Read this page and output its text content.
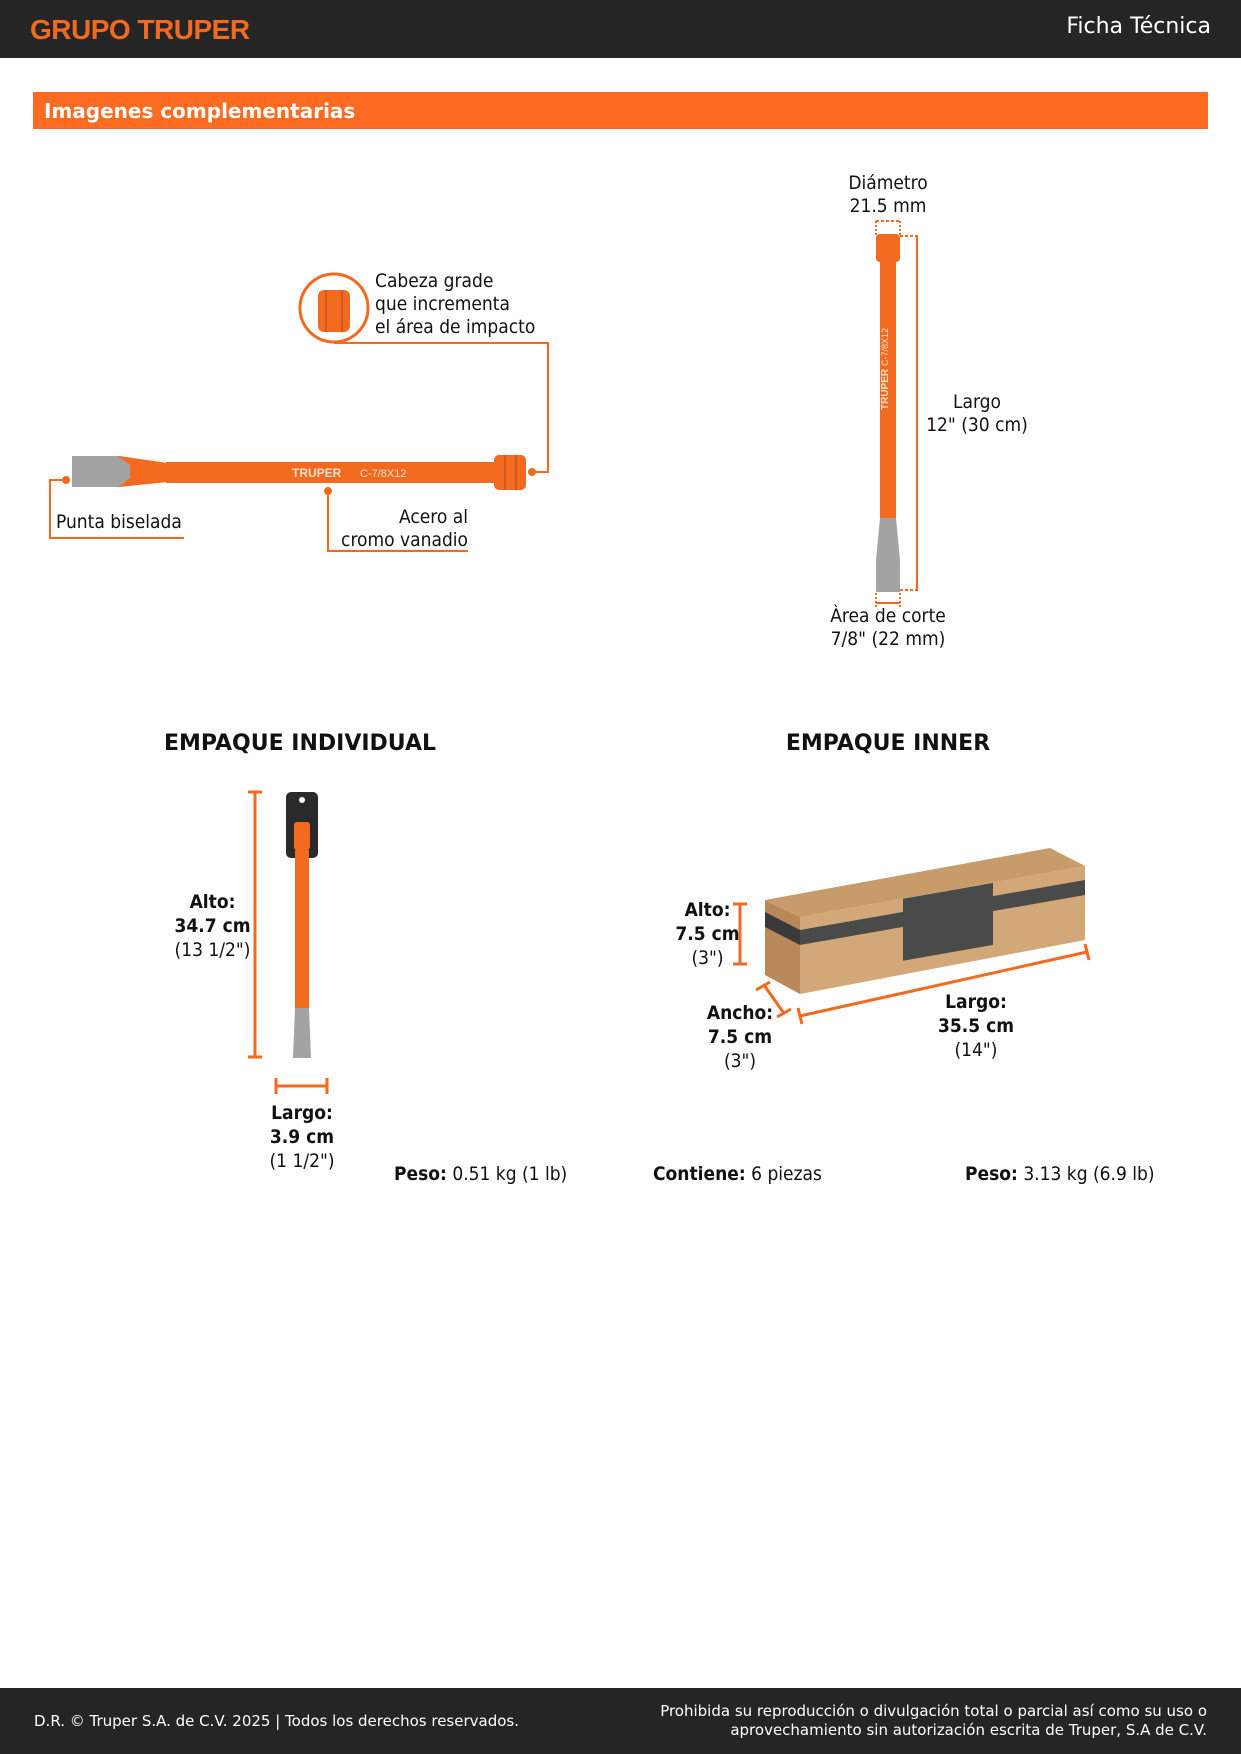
GRUPO TRUPER	Ficha Técnica
Imagenes complementarias
TRUPER C-7/8X12
TRUPER
C-7/8X12
Cabeza grade
que incrementa
el área de impacto
Punta biselada	Acero al
cromo vanadio
Diámetro
21.5 mm
Largo
12" (30 cm)
Àrea de corte
7/8" (22 mm)
EMPAQUE INDIVIDUAL
Alto:
34.7 cm
(13 1/2")
Largo:
3.9 cm
(1 1/2")
Peso: 0.51 kg (1 lb)
EMPAQUE INNER
Alto:
7.5 cm
(3")
Ancho:
7.5 cm
(3")
Largo:
35.5 cm
(14")
Contiene: 6 piezas	Peso: 3.13 kg (6.9 lb)
D.R. © Truper S.A. de C.V. 2025 | Todos los derechos reservados.
Prohibida su reproducción o divulgación total o parcial así como su uso o
aprovechamiento sin autorización escrita de Truper, S.A de C.V.
